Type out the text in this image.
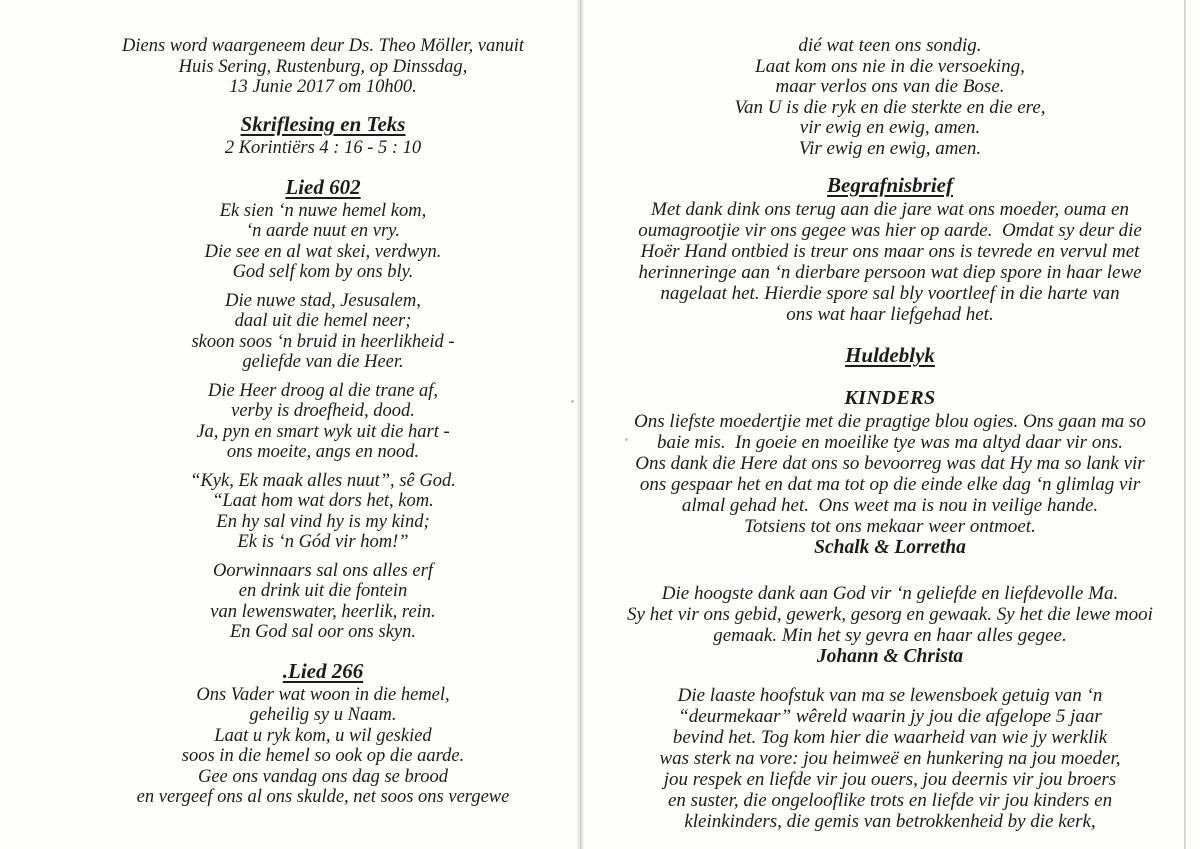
Diens word waargeneem deur Ds. Theo Möller, vanuit
Huis Sering, Rustenburg, op Dinssdag,
13 Junie 2017 om 10h00.
Skriflesing en Teks
2 Korintiërs 4 : 16 - 5 : 10
Lied 602
Ek sien ‘n nuwe hemel kom,
‘n aarde nuut en vry.
Die see en al wat skei, verdwyn.
God self kom by ons bly.
Die nuwe stad, Jesusalem,
daal uit die hemel neer;
skoon soos ‘n bruid in heerlikheid -
geliefde van die Heer.
Die Heer droog al die trane af,
verby is droefheid, dood.
Ja, pyn en smart wyk uit die hart -
ons moeite, angs en nood.
“Kyk, Ek maak alles nuut”, sê God.
“Laat hom wat dors het, kom.
En hy sal vind hy is my kind;
Ek is ‘n Gód vir hom!”
Oorwinnaars sal ons alles erf
en drink uit die fontein
van lewenswater, heerlik, rein.
En God sal oor ons skyn.
.Lied 266
Ons Vader wat woon in die hemel,
geheilig sy u Naam.
Laat u ryk kom, u wil geskied
soos in die hemel so ook op die aarde.
Gee ons vandag ons dag se brood
en vergeef ons al ons skulde, net soos ons vergewe
dié wat teen ons sondig.
Laat kom ons nie in die versoeking,
maar verlos ons van die Bose.
Van U is die ryk en die sterkte en die ere,
vir ewig en ewig, amen.
Vir ewig en ewig, amen.
Begrafnisbrief
Met dank dink ons terug aan die jare wat ons moeder, ouma en
oumagrootjie vir ons gegee was hier op aarde.  Omdat sy deur die
Hoër Hand ontbied is treur ons maar ons is tevrede en vervul met
herinneringe aan ‘n dierbare persoon wat diep spore in haar lewe
nagelaat het. Hierdie spore sal bly voortleef in die harte van
ons wat haar liefgehad het.
Huldeblyk
KINDERS
Ons liefste moedertjie met die pragtige blou ogies. Ons gaan ma so
baie mis.  In goeie en moeilike tye was ma altyd daar vir ons.
Ons dank die Here dat ons so bevoorreg was dat Hy ma so lank vir
ons gespaar het en dat ma tot op die einde elke dag ‘n glimlag vir
almal gehad het.  Ons weet ma is nou in veilige hande.
Totsiens tot ons mekaar weer ontmoet.
Schalk & Lorretha
Die hoogste dank aan God vir ‘n geliefde en liefdevolle Ma.
Sy het vir ons gebid, gewerk, gesorg en gewaak. Sy het die lewe mooi
gemaak. Min het sy gevra en haar alles gegee.
Johann & Christa
Die laaste hoofstuk van ma se lewensboek getuig van ‘n
“deurmekaar” wêreld waarin jy jou die afgelope 5 jaar
bevind het. Tog kom hier die waarheid van wie jy werklik
was sterk na vore: jou heimweë en hunkering na jou moeder,
jou respek en liefde vir jou ouers, jou deernis vir jou broers
en suster, die ongelooflike trots en liefde vir jou kinders en
kleinkinders, die gemis van betrokkenheid by die kerk,
